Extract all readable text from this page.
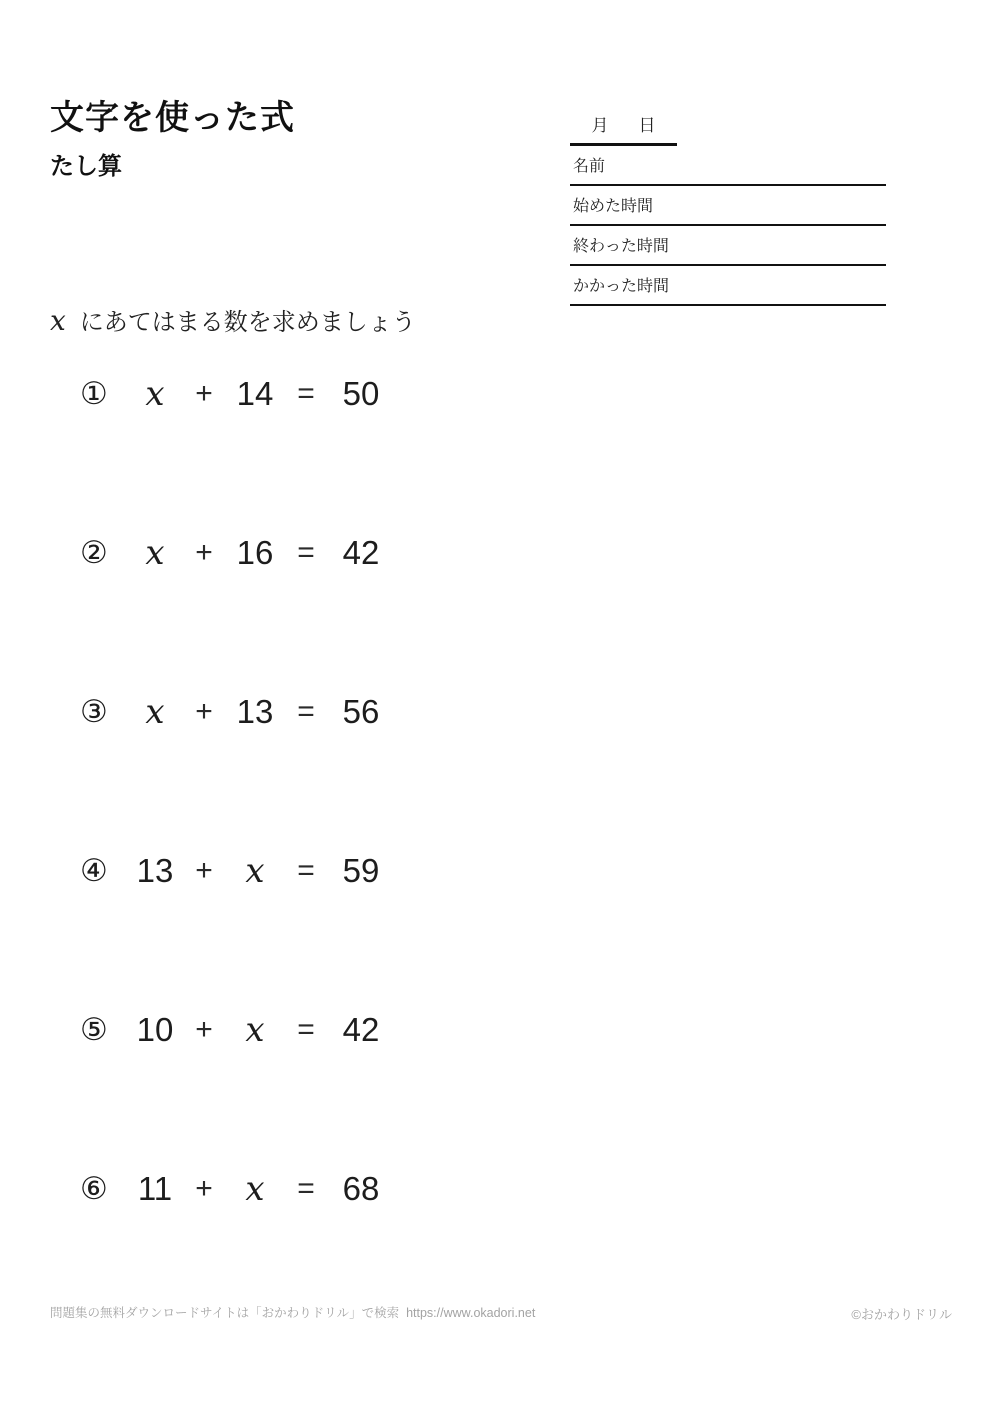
文字を使った式
たし算
月 日
名前
始めた時間
終わった時間
かかった時間
x にあてはまる数を求めましょう
①	x	+ 14 = 50
②	x	+ 16 = 42
③	x	+ 13 = 56
④ 13 + x	= 59
⑤ 10 + x	= 42
⑥ 11 + x	= 68
問題集の無料ダウンロードサイトは「おかわりドリル」で検索  https://www.okadori.net	©おかわりドリル
